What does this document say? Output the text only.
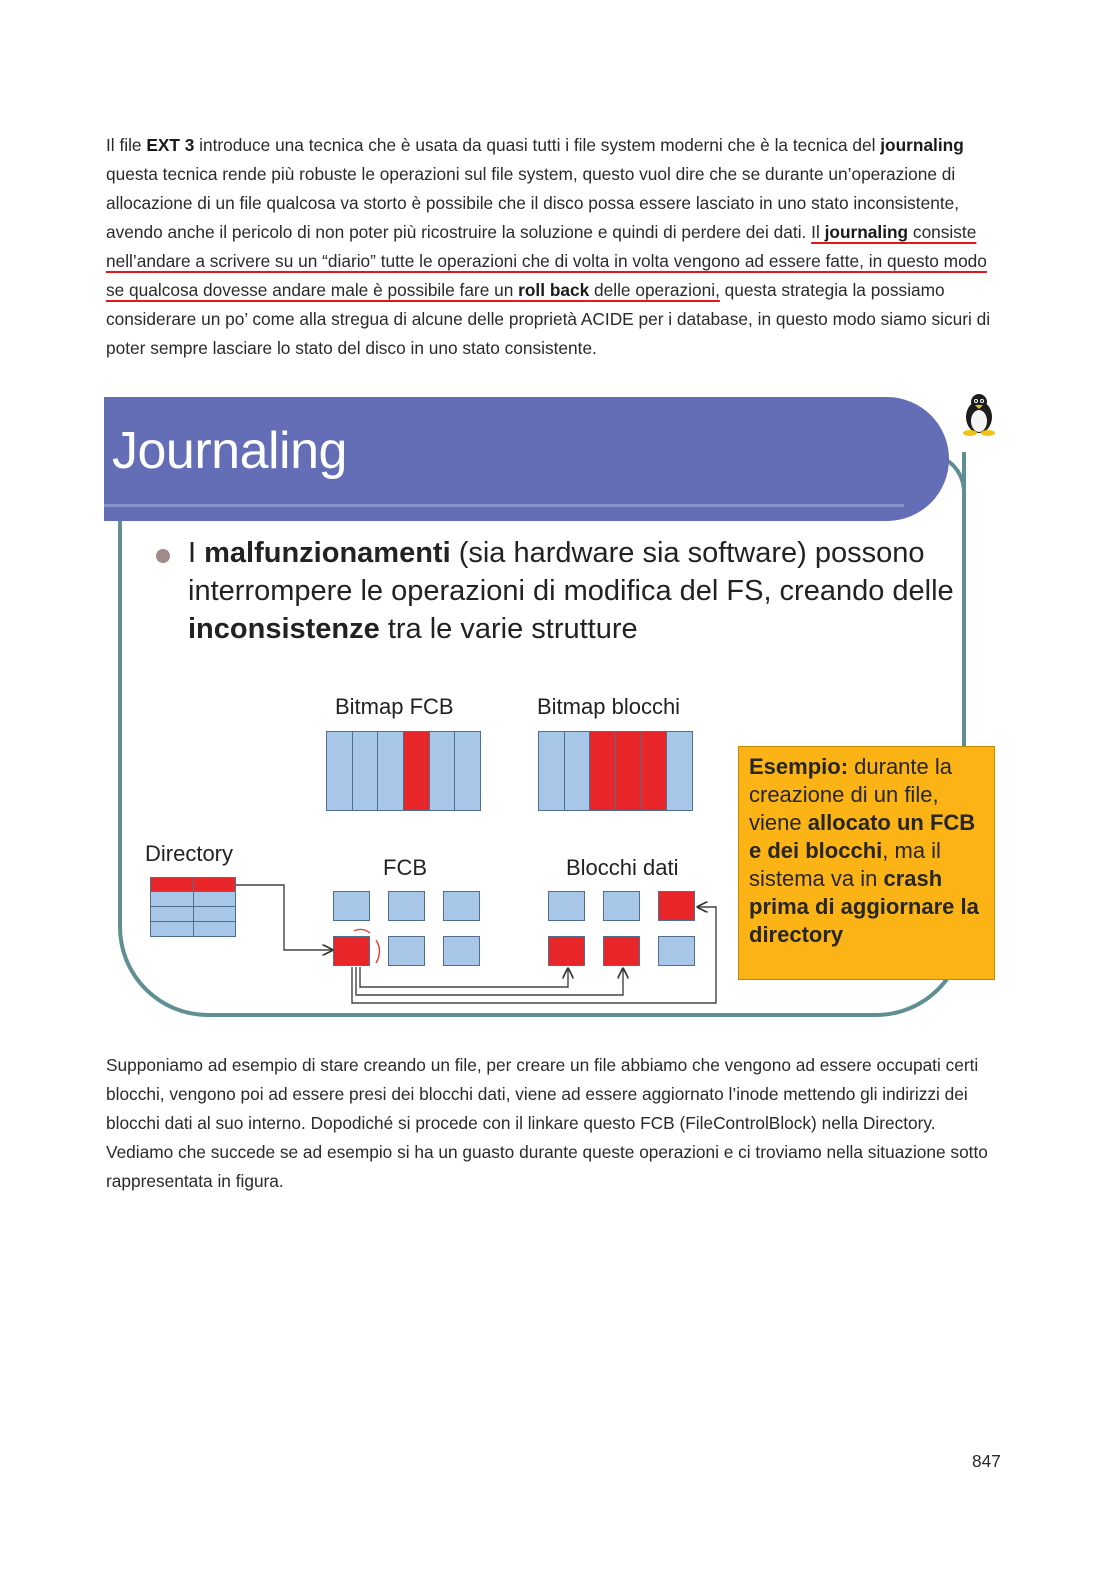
Il file EXT 3 introduce una tecnica che è usata da quasi tutti i file system moderni che è la tecnica del journaling questa tecnica rende più robuste le operazioni sul file system, questo vuol dire che se durante un’operazione di allocazione di un file qualcosa va storto è possibile che il disco possa essere lasciato in uno stato inconsistente, avendo anche il pericolo di non poter più ricostruire la soluzione e quindi di perdere dei dati. Il journaling consiste nell’andare a scrivere su un “diario” tutte le operazioni che di volta in volta vengono ad essere fatte, in questo modo se qualcosa dovesse andare male è possibile fare un roll back delle operazioni, questa strategia la possiamo considerare un po’ come alla stregua di alcune delle proprietà ACIDE per i database, in questo modo siamo sicuri di poter sempre lasciare lo stato del disco in uno stato consistente.

Journaling
I malfunzionamenti (sia hardware sia software) possono interrompere le operazioni di modifica del FS, creando delle inconsistenze tra le varie strutture
Bitmap FCB	Bitmap blocchi
Directory
FCB	Blocchi dati
Esempio: durante la creazione di un file, viene allocato un FCB e dei blocchi, ma il sistema va in crash prima di aggiornare la directory

Supponiamo ad esempio di stare creando un file, per creare un file abbiamo che vengono ad essere occupati certi blocchi, vengono poi ad essere presi dei blocchi dati, viene ad essere aggiornato l’inode mettendo gli indirizzi dei blocchi dati al suo interno. Dopodiché si procede con il linkare questo FCB (FileControlBlock) nella Directory.
Vediamo che succede se ad esempio si ha un guasto durante queste operazioni e ci troviamo nella situazione sotto rappresentata in figura.

847
